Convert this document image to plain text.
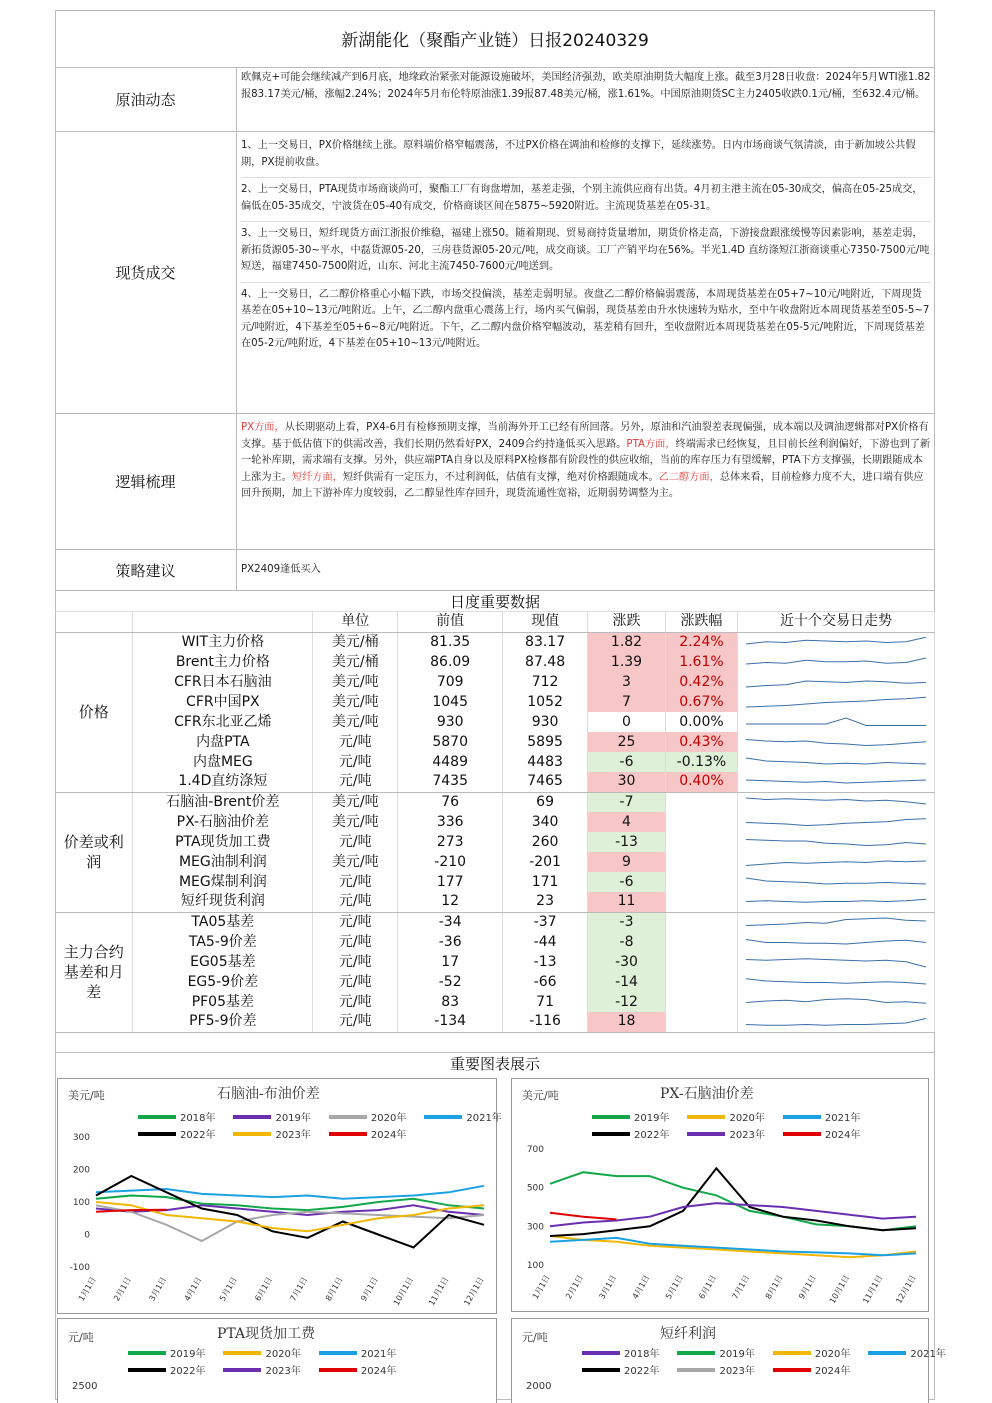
新湖能化（聚酯产业链）日报20240329
原油动态
欧佩克+可能会继续减产到6月底，地缘政治紧张对能源设施破坏，美国经济强劲，欧美原油期货大幅度上涨。截至3月28日收盘：2024年5月WTI涨1.82报83.17美元/桶，涨幅2.24%；2024年5月布伦特原油涨1.39报87.48美元/桶，涨1.61%。中国原油期货SC主力2405收跌0.1元/桶，至632.4元/桶。
现货成交
1、上一交易日，PX价格继续上涨。原料端价格窄幅震荡，不过PX价格在调油和检修的支撑下，延续涨势。日内市场商谈气氛清淡，由于新加坡公共假期，PX提前收盘。
2、上一交易日，PTA现货市场商谈尚可，聚酯工厂有询盘增加，基差走强，个别主流供应商有出货。4月初主港主流在05-30成交，偏高在05-25成交，偏低在05-35成交，宁波货在05-40有成交，价格商谈区间在5875~5920附近。主流现货基差在05-31。
3、上一交易日，短纤现货方面江浙报价维稳，福建上涨50。随着期现、贸易商持货量增加，期货价格走高，下游接盘跟涨缓慢等因素影响，基差走弱，新拓货源05-30~平水，中磊货源05-20，三房巷货源05-20元/吨，成交商谈。工厂产销平均在56%。半光1.4D 直纺涤短江浙商谈重心7350-7500元/吨短送，福建7450-7500附近，山东、河北主流7450-7600元/吨送到。
4、上一交易日，乙二醇价格重心小幅下跌，市场交投偏淡，基差走弱明显。夜盘乙二醇价格偏弱震荡，本周现货基差在05+7~10元/吨附近，下周现货基差在05+10~13元/吨附近。上午，乙二醇内盘重心震荡上行，场内买气偏弱，现货基差由升水快速转为贴水，至中午收盘附近本周现货基差至05-5~7元/吨附近，4下基差至05+6~8元/吨附近。下午，乙二醇内盘价格窄幅波动，基差稍有回升，至收盘附近本周现货基差在05-5元/吨附近，下周现货基差在05-2元/吨附近，4下基差在05+10~13元/吨附近。
逻辑梳理
PX方面，从长期驱动上看，PX4-6月有检修预期支撑，当前海外开工已经有所回落。另外，原油和汽油裂差表现偏强，成本端以及调油逻辑都对PX价格有支撑。基于低估值下的供需改善，我们长期仍然看好PX，2409合约持逢低买入思路。PTA方面，终端需求已经恢复，且目前长丝利润偏好，下游也到了新一轮补库期，需求端有支撑。另外，供应端PTA自身以及原料PX检修都有阶段性的供应收缩，当前的库存压力有望缓解，PTA下方支撑强，长期跟随成本上涨为主。短纤方面，短纤供需有一定压力，不过利润低，估值有支撑，绝对价格跟随成本。乙二醇方面，总体来看，目前检修力度不大，进口端有供应回升预期，加上下游补库力度较弱，乙二醇显性库存回升，现货流通性宽裕，近期弱势调整为主。
策略建议	PX2409逢低买入
日度重要数据
		单位	前值	现值	涨跌	涨跌幅	近十个交易日走势
价格	WIT主力价格	美元/桶	81.35	83.17	1.82	2.24%	

	Brent主力价格	美元/桶	86.09	87.48	1.39	1.61%	

	CFR日本石脑油	美元/吨	709	712	3	0.42%	

	CFR中国PX	美元/吨	1045	1052	7	0.67%	

	CFR东北亚乙烯	美元/吨	930	930	0	0.00%	

	内盘PTA	元/吨	5870	5895	25	0.43%	

	内盘MEG	元/吨	4489	4483	-6	-0.13%	

	1.4D直纺涤短	元/吨	7435	7465	30	0.40%	

价差或利润	石脑油-Brent价差	美元/吨	76	69	-7		

	PX-石脑油价差	美元/吨	336	340	4		

	PTA现货加工费	元/吨	273	260	-13		

	MEG油制利润	美元/吨	-210	-201	9		

	MEG煤制利润	元/吨	177	171	-6		

	短纤现货利润	元/吨	12	23	11		

主力合约基差和月差	TA05基差	元/吨	-34	-37	-3		

	TA5-9价差	元/吨	-36	-44	-8		

	EG05基差	元/吨	17	-13	-30		

	EG5-9价差	元/吨	-52	-66	-14		

	PF05基差	元/吨	83	71	-12		

	PF5-9价差	元/吨	-134	-116	18		
重要图表展示
-100
0
100
200
300
1月1日 2月1日 3月1日 4月1日 5月1日 6月1日 7月1日 8月1日 9月1日 10月1日 11月1日 12月1日
石脑油-布油价差
美元/吨
2018年	2019年	2020年	2021年
2022年	2023年	2024年
100
300
500
700
1月1日 2月1日 3月1日 4月1日 5月1日 6月1日 7月1日 8月1日 9月1日 10月1日 11月1日 12月1日
PX-石脑油价差
美元/吨
2019年	2020年	2021年
2022年	2023年	2024年
2500
PTA现货加工费
元/吨
2019年	2020年	2021年
2022年	2023年	2024年
2000
短纤利润
元/吨
2018年	2019年	2020年	2021年
2022年	2023年	2024年
